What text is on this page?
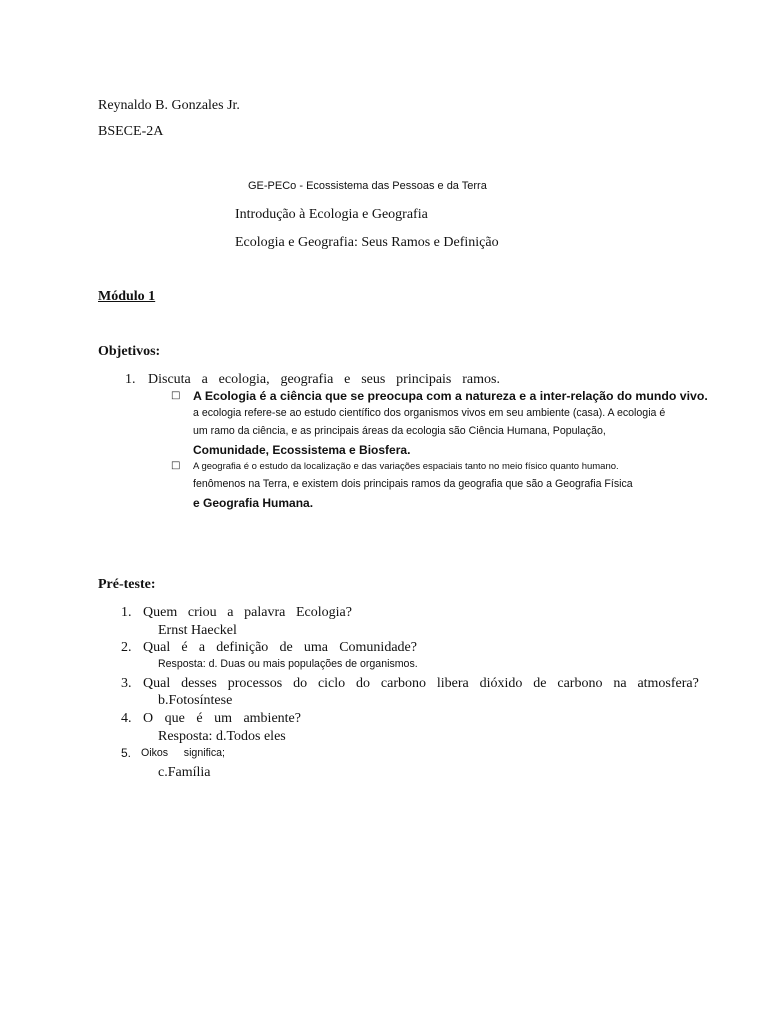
Reynaldo B. Gonzales Jr.
BSECE-2A
GE-PECo - Ecossistema das Pessoas e da Terra
Introdução à Ecologia e Geografia
Ecologia e Geografia: Seus Ramos e Definição
Módulo 1
Objetivos:
1. Discuta a ecologia, geografia e seus principais ramos.
□ A Ecologia é a ciência que se preocupa com a natureza e a inter-relação do mundo vivo.
a ecologia refere-se ao estudo científico dos organismos vivos em seu ambiente (casa). A ecologia é
um ramo da ciência, e as principais áreas da ecologia são Ciência Humana, População,
Comunidade, Ecossistema e Biosfera.
□ A geografia é o estudo da localização e das variações espaciais tanto no meio físico quanto humano.
fenômenos na Terra, e existem dois principais ramos da geografia que são a Geografia Física
e Geografia Humana.
Pré-teste:
1. Quem criou a palavra Ecologia?
Ernst Haeckel
2. Qual é a definição de uma Comunidade?
Resposta: d. Duas ou mais populações de organismos.
3. Qual desses processos do ciclo do carbono libera dióxido de carbono na atmosfera?
b.Fotosíntese
4. O que é um ambiente?
Resposta: d.Todos eles
5. Oikos significa;
c.Família
